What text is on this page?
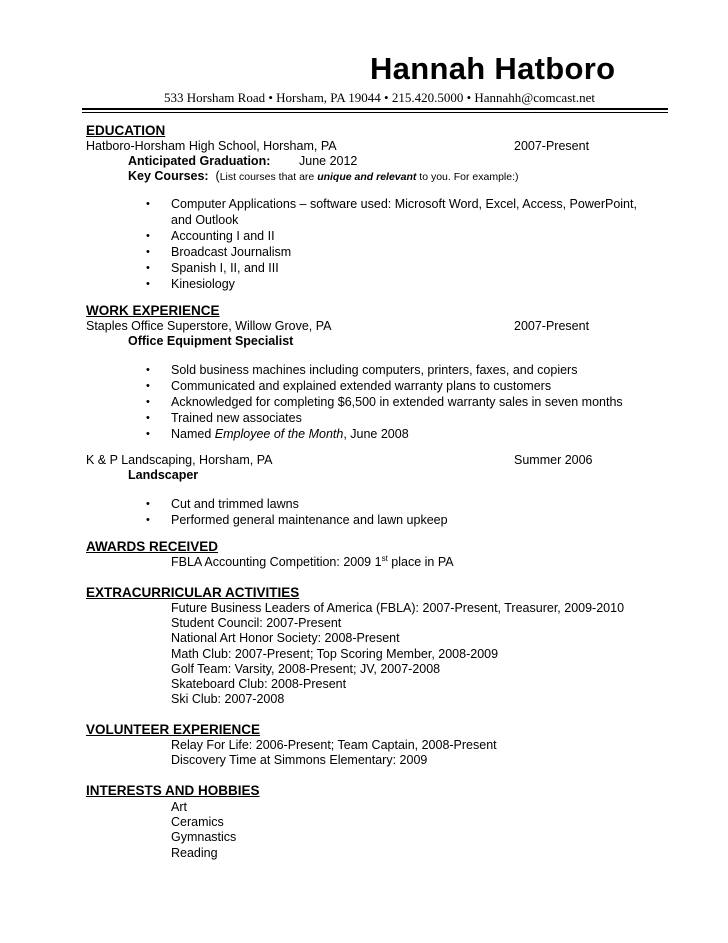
Hannah Hatboro
533 Horsham Road • Horsham, PA 19044 • 215.420.5000 • Hannahh@comcast.net
EDUCATION
Hatboro-Horsham High School, Horsham, PA	2007-Present
Anticipated Graduation: June 2012
Key Courses: (List courses that are unique and relevant to you. For example:)
• Computer Applications – software used: Microsoft Word, Excel, Access, PowerPoint,
and Outlook
• Accounting I and II
• Broadcast Journalism
• Spanish I, II, and III
• Kinesiology
WORK EXPERIENCE
Staples Office Superstore, Willow Grove, PA	2007-Present
Office Equipment Specialist
• Sold business machines including computers, printers, faxes, and copiers
• Communicated and explained extended warranty plans to customers
• Acknowledged for completing $6,500 in extended warranty sales in seven months
• Trained new associates
• Named Employee of the Month, June 2008
K & P Landscaping, Horsham, PA	Summer 2006
Landscaper
• Cut and trimmed lawns
• Performed general maintenance and lawn upkeep
AWARDS RECEIVED
FBLA Accounting Competition: 2009 1st place in PA
EXTRACURRICULAR ACTIVITIES
Future Business Leaders of America (FBLA): 2007-Present, Treasurer, 2009-2010
Student Council: 2007-Present
National Art Honor Society: 2008-Present
Math Club: 2007-Present; Top Scoring Member, 2008-2009
Golf Team: Varsity, 2008-Present; JV, 2007-2008
Skateboard Club: 2008-Present
Ski Club: 2007-2008
VOLUNTEER EXPERIENCE
Relay For Life: 2006-Present; Team Captain, 2008-Present
Discovery Time at Simmons Elementary: 2009
INTERESTS AND HOBBIES
Art
Ceramics
Gymnastics
Reading
